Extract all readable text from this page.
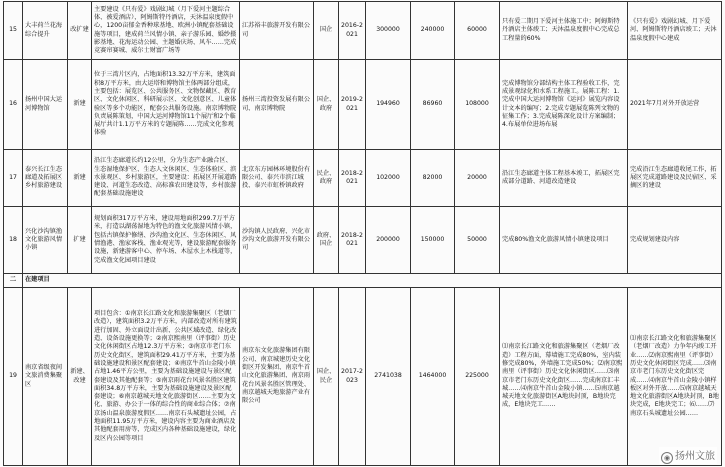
15	大丰荷兰花海综合提升	改扩建	主要建设《只有爱》戏剧幻城（月下爱河主题综合体、被爱酒店），阿姆斯特丹酒店，天沐温泉度假中心，1200亩郁金香种球基地、欧洲小镇配套基础设施等项目，建成荷兰风情小镇、亲子游乐园、婚纱摄影基地、花海运动公园、主题婚庆场、风车……完成竞赛帘赛城、威尔士财富广场等	江苏裕丰旅游开发有限公司	国企	2016-2021	300000	240000	60000	只有爱二期月下爱河主体施工中；阿姆斯特丹酒店主体竣工；天沐温泉度假中心完成总工程量的60%	《只有爱》戏剧幻城、月下爱河、阿姆斯特丹酒店竣工；天沐温泉度假中心建成
16	扬州中国大运河博物馆	新建	位于三湾片区内，占地面积13.32万平方米，建筑面积8万平方米，由大运塔和博物馆主体两部分组成，主要包括：展览区、公共服务区、文物保藏区、教育区、文化休闲区、科研展示区、文化创意区、儿童体验区等多个功能区，配套公共服务设施。南京博物院负责展陈策划，中国大运河博物馆11个展厅和2个临展厅共计1.1万平方米的专题展陈……完成文化参观体验	扬州三湾投资发展有限公司、南京博物院	国企、政府	2019-2021	194960	86960	108000	完成博物馆分部结构主体工程验收工作，完成景观绿化和水系工程施工。展陈工程：1.完成中国大运河博物馆《运河》展览内容设计文本的编写；2.完成专题展览陈列文物的征集工作；3.完成展陈深化设计方案编制；4.布展单位进场布展	2021年7月对外开放运营
17	泰兴长江生态廊道及拓展区乡村旅游建设	新建	沿江生态廊道长约12公里，分为生态产业融合区、生态湿地保护区、生态人文休闲区、生态体验区、滨水景观区、乡村旅游区，主要建设：拓展区开展道路建设、河道生态改造、高标准农田建设等，乡村旅游配套基础设施建设	北京东方园林环境股份有限公司、泰兴市滨江城投、泰兴市虹桥镇政府	民企、政府	2018-2021	102000	82000	20000	沿江生态廊道主体工程基本竣工，拓展区完成部分道路、河道改造建设	完成沿江生态廊道收尾工作，拓展区完成道路建设及民宿区、采摘区的建设
18	兴化沙沟镇渔文化旅游风情小镇	扩建	规划面积317万平方米，建设用地面积299.7万平方米，打造以湖荡湿地为特色的渔文化旅游风情小镇，包括古镇保护修缮、沙沟渔文化区、生态休闲区、风情渔港、渔家客栈、渔业观光等，建设旅游配套服务设施，新建游客中心、停车场、木屋水上木栈道等，完成渔文化园项目建设	沙沟镇人民政府、兴化市沙沟文化旅游开发有限公司	政府、国企	2018-2021	200000	150000	50000	完成80%渔文化旅游风情小镇建设项目	完成规划建设内容
二	在建项目										
19	南京省级夜间文旅消费集聚区	新建、改建	项目包含：①南京长江路文化和旅游集聚区（老烟厂改造），建筑面积3.2万平方米，内部改造对所有建筑进行加固、外立面设计出新、公共区域改造、绿化改造、设备设施更换等；②南京熙南里（评事街）历史文化休闲街区占地12.3万平方米；③南京市老门东历史文化街区，建筑面积29.41万平方米，主要为基础设施建设和景区配套建设；④南京牛首山金陵小镇占地1.46平方公里，主要为基础设施建设与景区配套建设及其他配套等；⑤南京雨花台风景名胜区建筑面积34.8万平方米，主要为基础设施建设及景区配套建设；⑥南京越城天地文化旅游街区……主要为文化、旅游、办公于一体的综合性的商业综合体；⑦南京汤山温泉旅游度假区……南京石头城遗址公园，占地面积11.95万平方米，建设内容主要为商业酒店及其他配套用房等，完成区内各种基础设施建设，绿化及区内公园等项目	南京东文化旅游集团有限公司、南京城建历史文化街区开发集团、南京牛首山文化旅游集团、南京雨花台风景名胜区管理处、南京越城天地旅游产业有限公司	国企、民企	2017-2023	2741038	1464000	225000	⑴南京长江路文化和旅游集聚区（老烟厂改造）工程方面，幕墙施工完成80%，室内装修完成80%，外墙施工完成50%；⑵南京熙南里（评事街）历史文化休闲街区……⑶南京市老门东历史文化街区……完成南京汇丰城……⑷南京牛首山金陵小镇……⑸南京越城天地文化旅游街区A地块封顶，B地块完成，E地块完工……	⑴南京长江路文化和旅游集聚区（老烟厂改造）力争年内竣工开业……⑵南京熙南里（评事街）历史文化休闲街区完成……⑶南京市老门东历史文化街区完成……⑷南京牛首山金陵小镇样板区对外开放……⑸南京越城天地文化旅游街区A地块封顶，B地块完成，E地块完工；⑹……⑺南京石头城遗址公园……
◉ 扬州文旅
